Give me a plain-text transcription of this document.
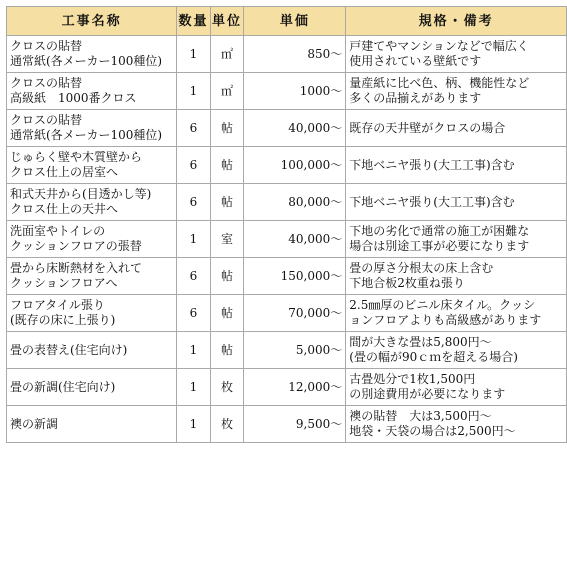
工事名称	数量	単位	単価	規格・備考

クロスの貼替
通常紙(各メーカー100種位)	1	㎡	850～	戸建てやマンションなどで幅広く
使用されている壁紙です

クロスの貼替
高級紙　1000番クロス	1	㎡	1000～	量産紙に比べ色、柄、機能性など
多くの品揃えがあります

クロスの貼替
通常紙(各メーカー100種位)	6	帖	40,000～	既存の天井壁がクロスの場合

じゅらく壁や木質壁から
クロス仕上の居室へ	6	帖	100,000～	下地ベニヤ張り(大工工事)含む

和式天井から(目透かし等)
クロス仕上の天井へ	6	帖	80,000～	下地ベニヤ張り(大工工事)含む

洗面室やトイレの
クッションフロアの張替	1	室	40,000～	下地の劣化で通常の施工が困難な
場合は別途工事が必要になります

畳から床断熱材を入れて
クッションフロアへ	6	帖	150,000～	畳の厚さ分根太の床上含む
下地合板2枚重ね張り

フロアタイル張り
(既存の床に上張り)	6	帖	70,000～	2.5㎜厚のビニル床タイル。クッシ
ョンフロアよりも高級感があります

畳の表替え(住宅向け)	1	帖	5,000～	間が大きな畳は5,800円～
(畳の幅が90ｃｍを超える場合)

畳の新調(住宅向け)	1	枚	12,000～	古畳処分で1枚1,500円
の別途費用が必要になります

襖の新調	1	枚	9,500～	襖の貼替　大は3,500円～
地袋・天袋の場合は2,500円～
